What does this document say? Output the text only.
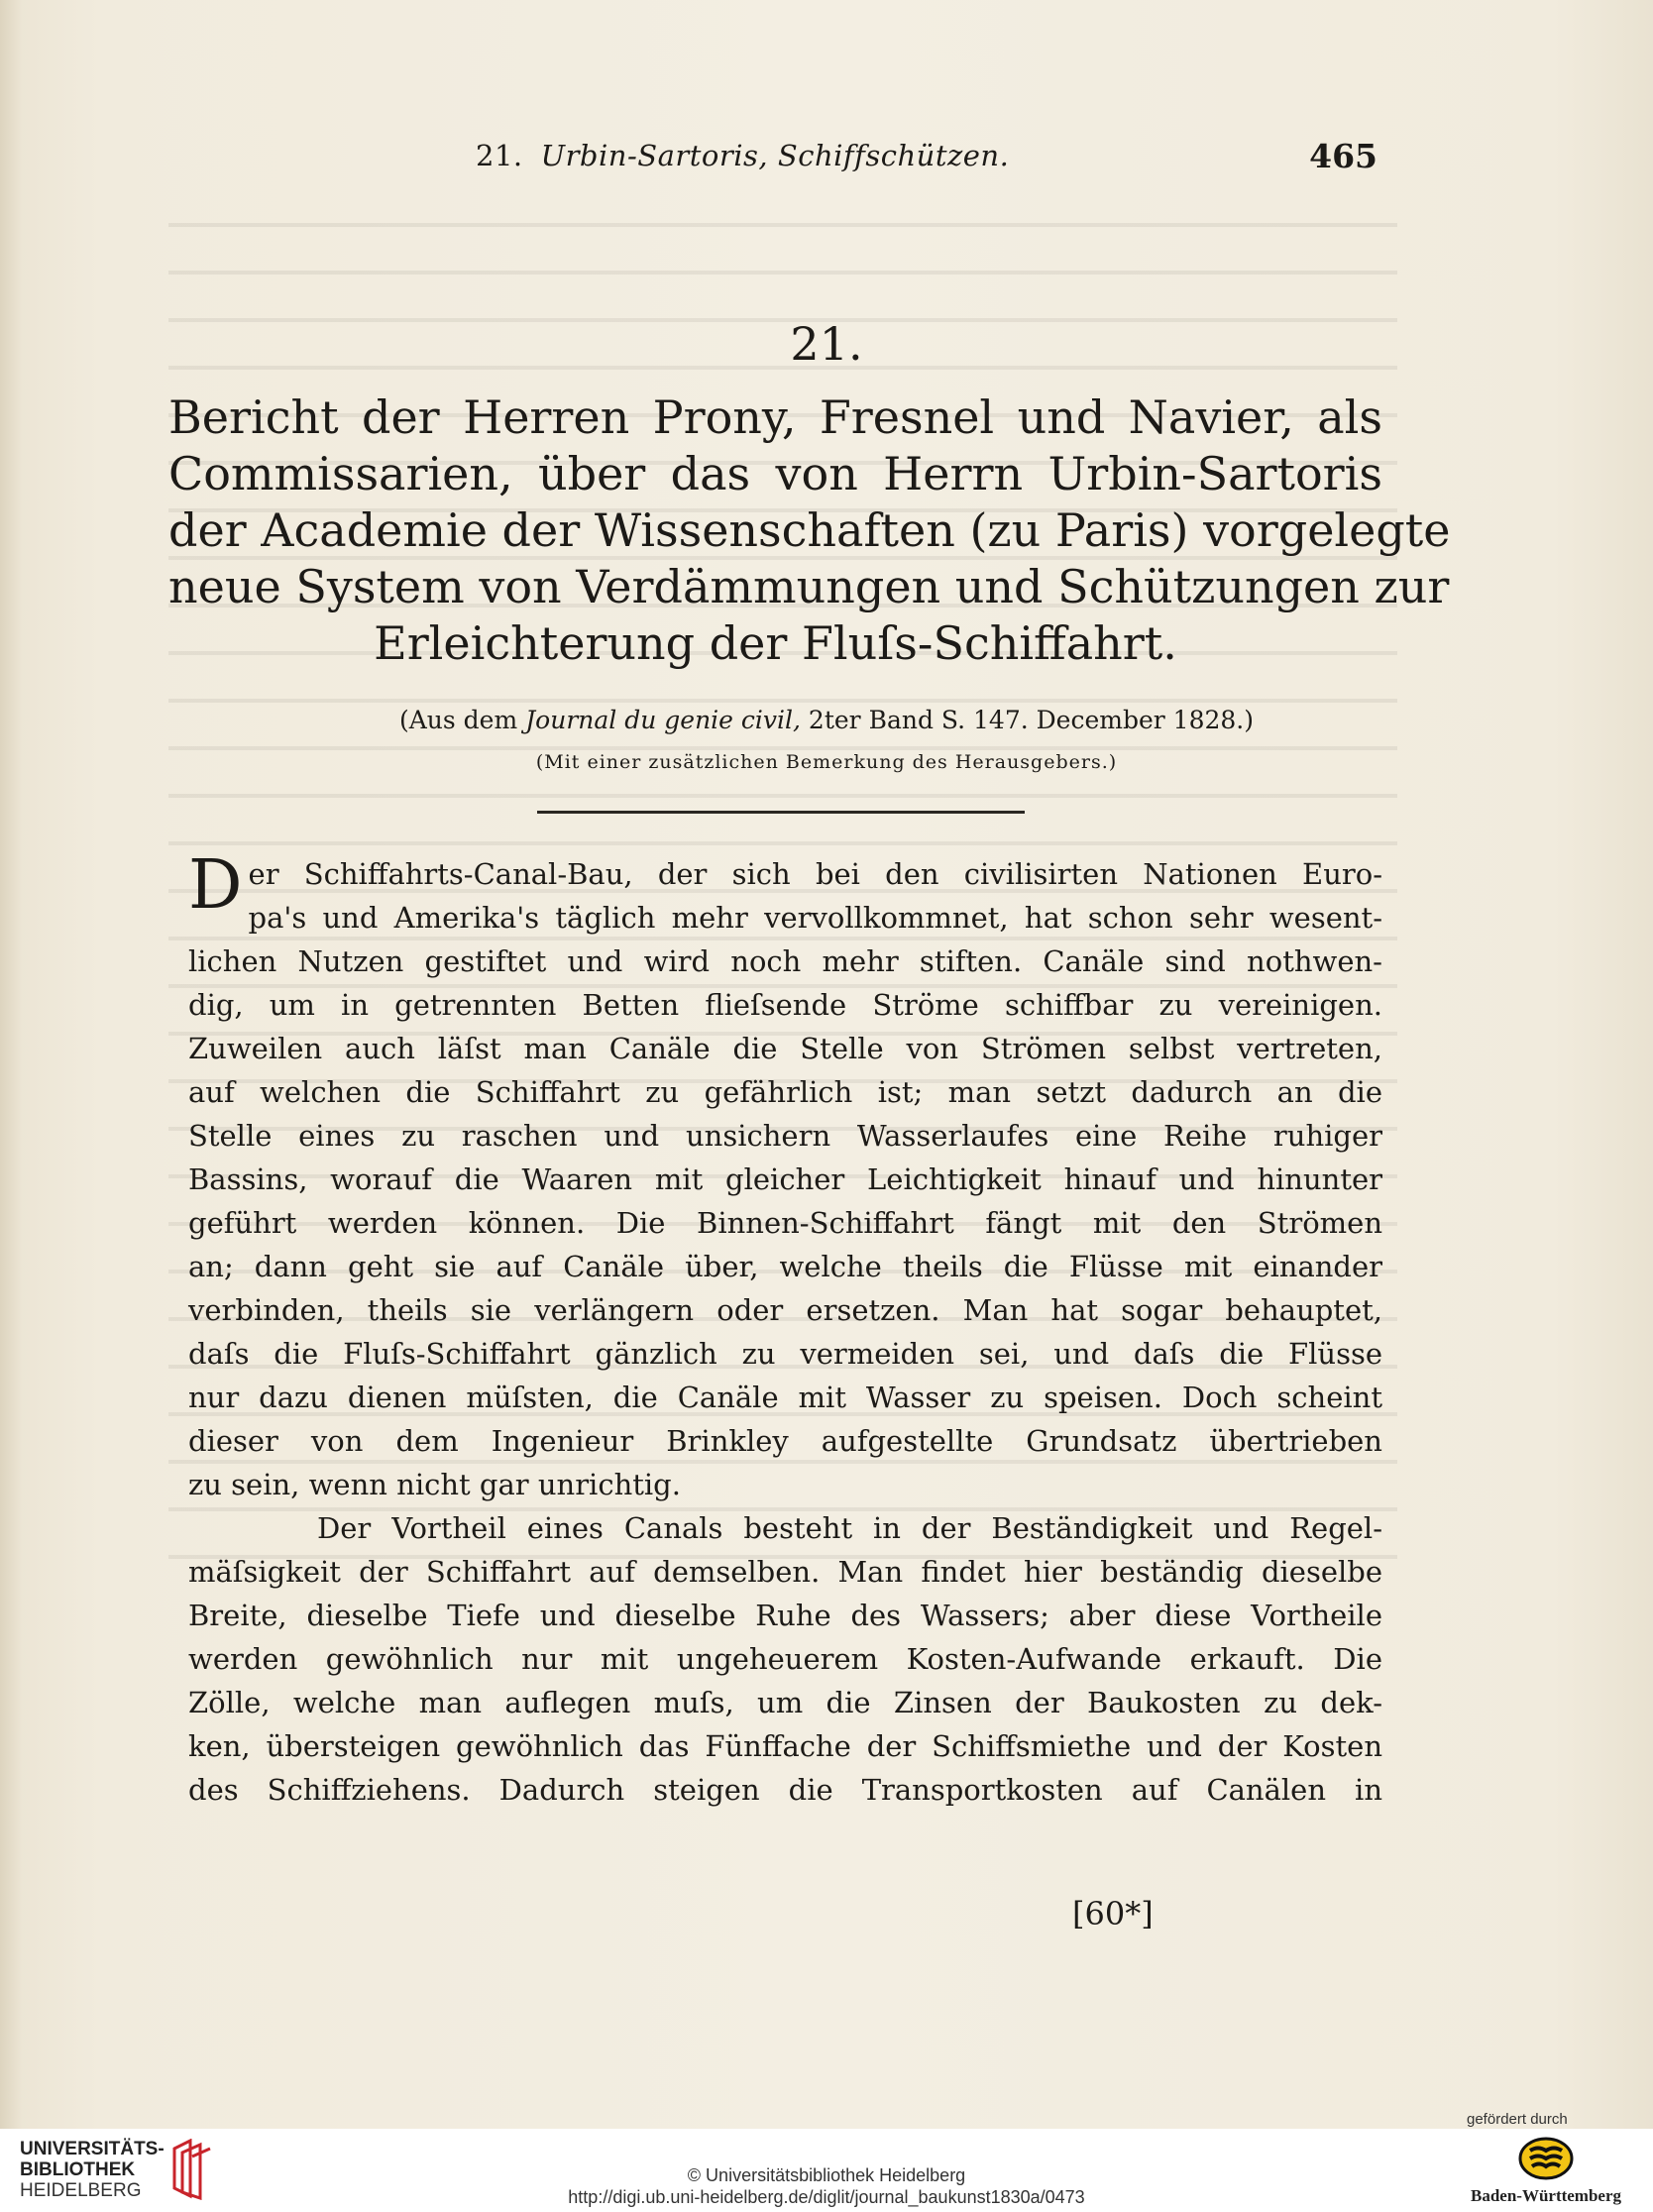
21. Urbin-Sartoris, Schiffschützen.	465
21.
Bericht der Herren Prony, Fresnel und Navier, als
Commissarien, über das von Herrn Urbin-Sartoris
der Academie der Wissenschaften (zu Paris) vorgelegte
neue System von Verdämmungen und Schützungen zur
Erleichterung der Fluſs-Schiffahrt.
(Aus dem Journal du genie civil, 2ter Band S. 147. December 1828.)
(Mit einer zusätzlichen Bemerkung des Herausgebers.)
D er Schiffahrts-Canal-Bau, der sich bei den civilisirten Nationen Euro-
pa's und Amerika's täglich mehr vervollkommnet, hat schon sehr wesent-
lichen Nutzen gestiftet und wird noch mehr stiften. Canäle sind nothwen-
dig, um in getrennten Betten flieſsende Ströme schiffbar zu vereinigen.
Zuweilen auch läſst man Canäle die Stelle von Strömen selbst vertreten,
auf welchen die Schiffahrt zu gefährlich ist; man setzt dadurch an die
Stelle eines zu raschen und unsichern Wasserlaufes eine Reihe ruhiger
Bassins, worauf die Waaren mit gleicher Leichtigkeit hinauf und hinunter
geführt werden können. Die Binnen-Schiffahrt fängt mit den Strömen
an; dann geht sie auf Canäle über, welche theils die Flüsse mit einander
verbinden, theils sie verlängern oder ersetzen. Man hat sogar behauptet,
daſs die Fluſs-Schiffahrt gänzlich zu vermeiden sei, und daſs die Flüsse
nur dazu dienen müſsten, die Canäle mit Wasser zu speisen. Doch scheint
dieser von dem Ingenieur Brinkley aufgestellte Grundsatz übertrieben
zu sein, wenn nicht gar unrichtig.
Der Vortheil eines Canals besteht in der Beständigkeit und Regel-
mäſsigkeit der Schiffahrt auf demselben. Man findet hier beständig dieselbe
Breite, dieselbe Tiefe und dieselbe Ruhe des Wassers; aber diese Vortheile
werden gewöhnlich nur mit ungeheuerem Kosten-Aufwande erkauft. Die
Zölle, welche man auflegen muſs, um die Zinsen der Baukosten zu dek-
ken, übersteigen gewöhnlich das Fünffache der Schiffsmiethe und der Kosten
des Schiffziehens. Dadurch steigen die Transportkosten auf Canälen in
[60*]
UNIVERSITÄTS-
BIBLIOTHEK
HEIDELBERG
© Universitätsbibliothek Heidelberg
http://digi.ub.uni-heidelberg.de/diglit/journal_baukunst1830a/0473
gefördert durch
Baden-Württemberg
